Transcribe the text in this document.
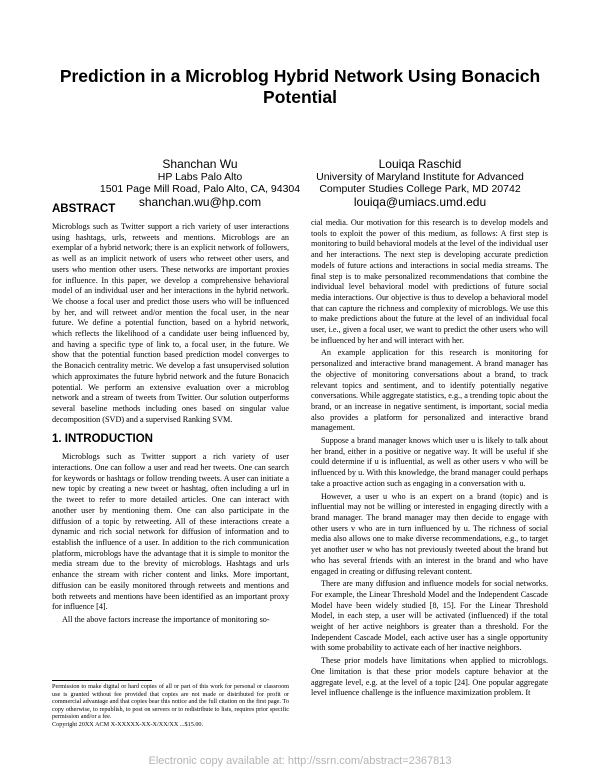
Prediction in a Microblog Hybrid Network Using Bonacich
Potential
Shanchan Wu
HP Labs Palo Alto
1501 Page Mill Road, Palo Alto, CA, 94304
shanchan.wu@hp.com
Louiqa Raschid
University of Maryland Institute for Advanced
Computer Studies College Park, MD 20742
louiqa@umiacs.umd.edu
ABSTRACT

Microblogs such as Twitter support a rich variety of user interactions using hashtags, urls, retweets and mentions. Microblogs are an exemplar of a hybrid network; there is an explicit network of followers, as well as an implicit network of users who retweet other users, and users who mention other users. These networks are important proxies for influence. In this paper, we develop a comprehensive behavioral model of an individual user and her interactions in the hybrid network. We choose a focal user and predict those users who will be influenced by her, and will retweet and/or mention the focal user, in the near future. We define a potential function, based on a hybrid network, which reflects the likelihood of a candidate user being influenced by, and having a specific type of link to, a focal user, in the future. We show that the potential function based prediction model converges to the Bonacich centrality metric. We develop a fast unsupervised solution which approximates the future hybrid network and the future Bonacich potential. We perform an extensive evaluation over a microblog network and a stream of tweets from Twitter. Our solution outperforms several baseline methods including ones based on singular value decomposition (SVD) and a supervised Ranking SVM.

1. INTRODUCTION

Microblogs such as Twitter support a rich variety of user interactions. One can follow a user and read her tweets. One can search for keywords or hashtags or follow trending tweets. A user can initiate a new topic by creating a new tweet or hashtag, often including a url in the tweet to refer to more detailed articles. One can interact with another user by mentioning them. One can also participate in the diffusion of a topic by retweeting. All of these interactions create a dynamic and rich social network for diffusion of information and to establish the influence of a user. In addition to the rich communication platform, microblogs have the advantage that it is simple to monitor the media stream due to the brevity of microblogs. Hashtags and urls enhance the stream with richer content and links. More important, diffusion can be easily monitored through retweets and mentions and both retweets and mentions have been identified as an important proxy for influence [4].

All the above factors increase the importance of monitoring so-

Permission to make digital or hard copies of all or part of this work for personal or classroom use is granted without fee provided that copies are not made or distributed for profit or commercial advantage and that copies bear this notice and the full citation on the first page. To copy otherwise, to republish, to post on servers or to redistribute to lists, requires prior specific permission and/or a fee.

Copyright 20XX ACM X-XXXXX-XX-X/XX/XX ...$15.00.

cial media. Our motivation for this research is to develop models and tools to exploit the power of this medium, as follows: A first step is monitoring to build behavioral models at the level of the individual user and her interactions. The next step is developing accurate prediction models of future actions and interactions in social media streams. The final step is to make personalized recommendations that combine the individual level behavioral model with predictions of future social media interactions. Our objective is thus to develop a behavioral model that can capture the richness and complexity of microblogs. We use this to make predictions about the future at the level of an individual focal user, i.e., given a focal user, we want to predict the other users who will be influenced by her and will interact with her.

An example application for this research is monitoring for personalized and interactive brand management. A brand manager has the objective of monitoring conversations about a brand, to track relevant topics and sentiment, and to identify potentially negative conversations. While aggregate statistics, e.g., a trending topic about the brand, or an increase in negative sentiment, is important, social media also provides a platform for personalized and interactive brand management.

Suppose a brand manager knows which user u is likely to talk about her brand, either in a positive or negative way. It will be useful if she could determine if u is influential, as well as other users v who will be influenced by u. With this knowledge, the brand manager could perhaps take a proactive action such as engaging in a conversation with u.

However, a user u who is an expert on a brand (topic) and is influential may not be willing or interested in engaging directly with a brand manager. The brand manager may then decide to engage with other users v who are in turn influenced by u. The richness of social media also allows one to make diverse recommendations, e.g., to target yet another user w who has not previously tweeted about the brand but who has several friends with an interest in the brand and who have engaged in creating or diffusing relevant content.

There are many diffusion and influence models for social networks. For example, the Linear Threshold Model and the Independent Cascade Model have been widely studied [8, 15]. For the Linear Threshold Model, in each step, a user will be activated (influenced) if the total weight of her active neighbors is greater than a threshold. For the Independent Cascade Model, each active user has a single opportunity with some probability to activate each of her inactive neighbors.

These prior models have limitations when applied to microblogs. One limitation is that these prior models capture behavior at the aggregate level, e.g. at the level of a topic [24]. One popular aggregate level influence challenge is the influence maximization problem. It

Electronic copy available at: http://ssrn.com/abstract=2367813
